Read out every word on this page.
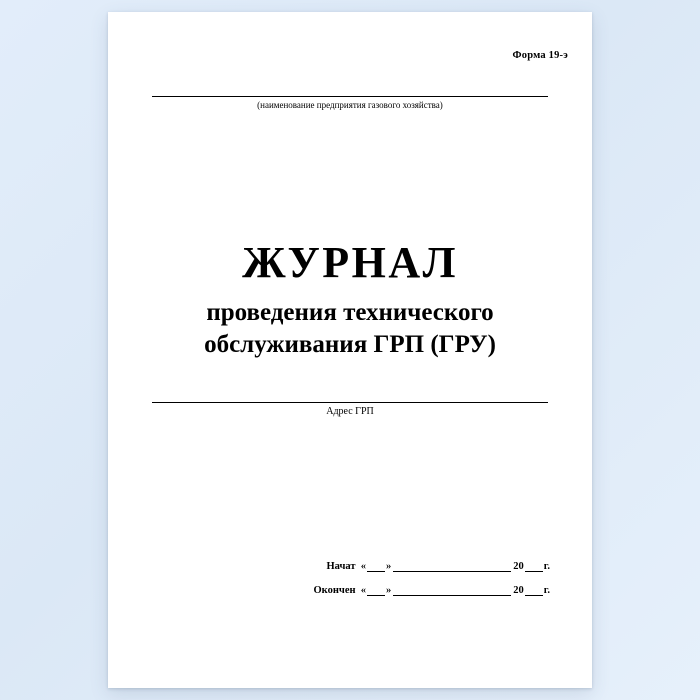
Форма 19-э
(наименование предприятия газового хозяйства)
ЖУРНАЛ
проведения технического
обслуживания ГРП (ГРУ)
Адрес ГРП
Начат  « »	20 г.
Окончен  « »	20 г.
